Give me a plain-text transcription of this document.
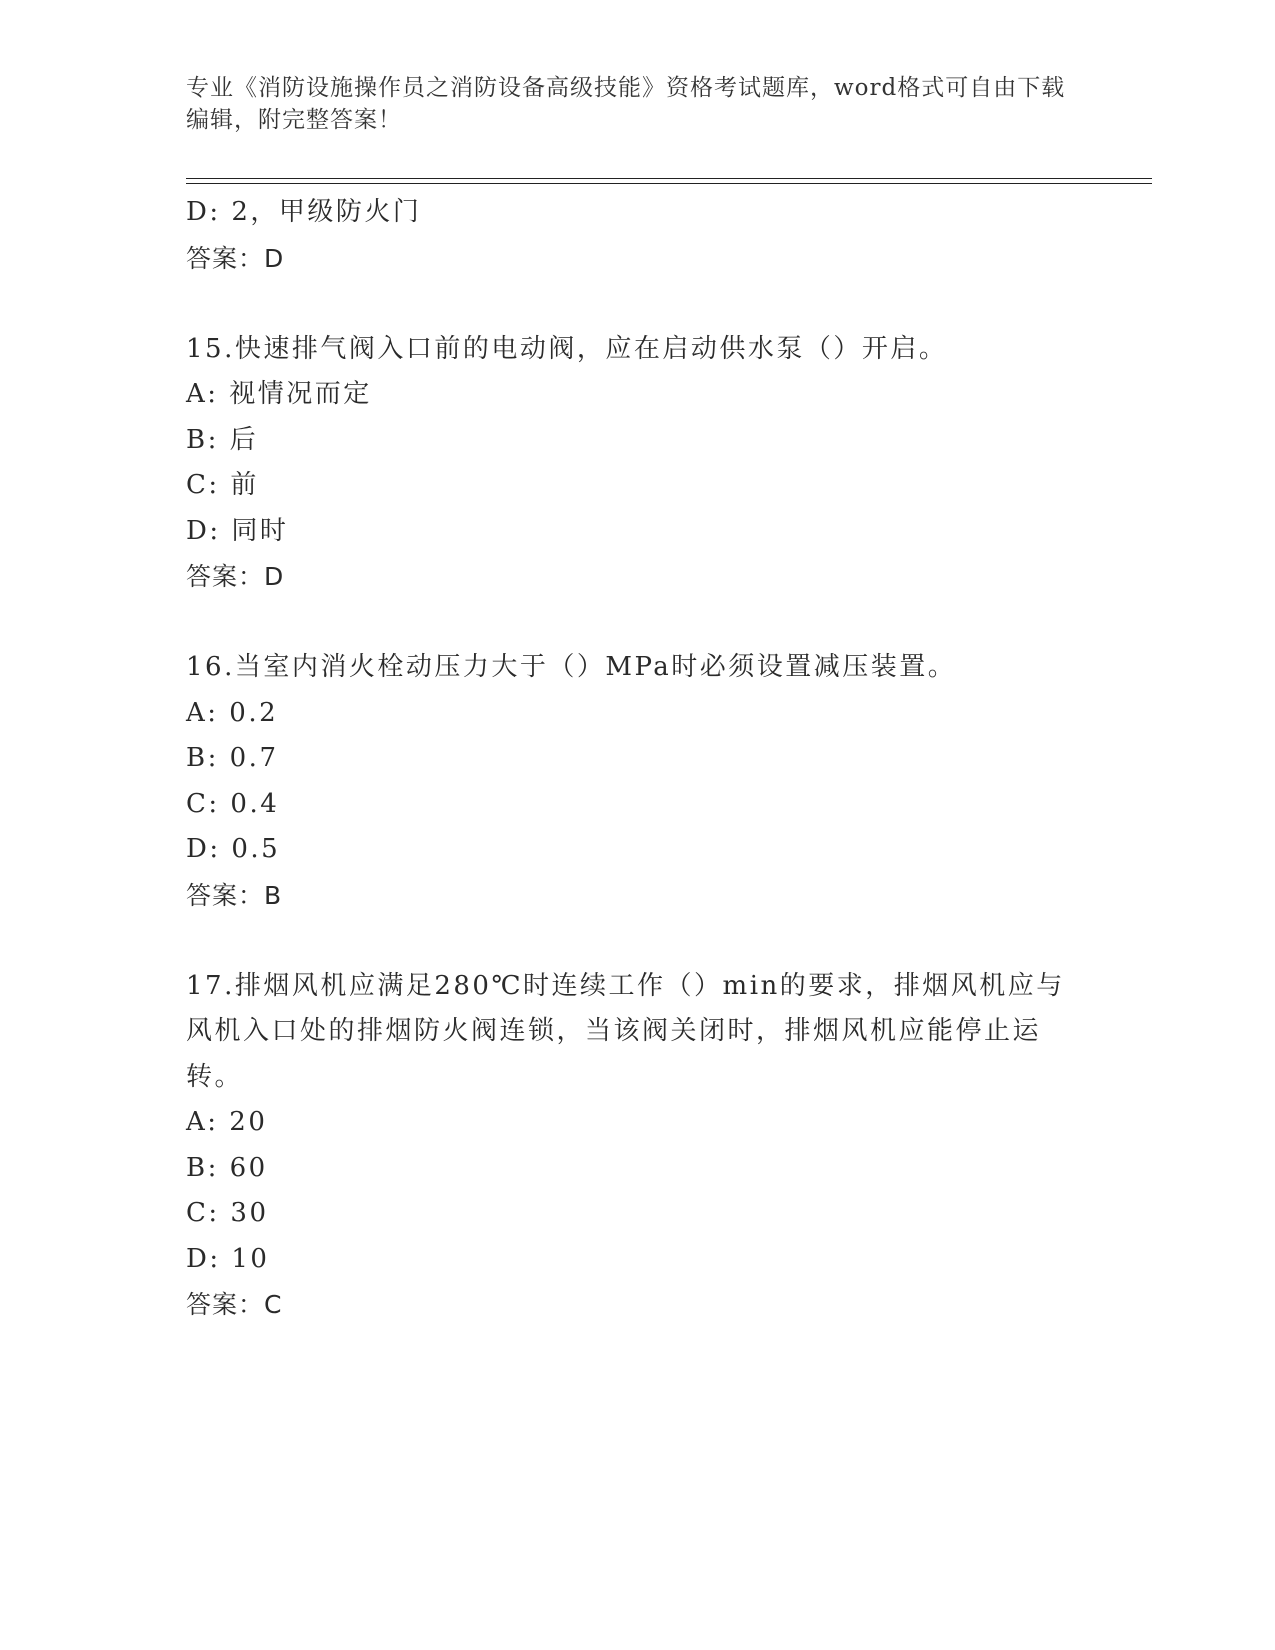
专业《消防设施操作员之消防设备高级技能》资格考试题库，word格式可自由下载编辑，附完整答案！
D: 2，甲级防火门
答案：D
15.快速排气阀入口前的电动阀，应在启动供水泵（）开启。
A: 视情况而定
B: 后
C: 前
D: 同时
答案：D
16.当室内消火栓动压力大于（）MPa时必须设置减压装置。
A: 0.2
B: 0.7
C: 0.4
D: 0.5
答案：B
17.排烟风机应满足280℃时连续工作（）min的要求，排烟风机应与风机入口处的排烟防火阀连锁，当该阀关闭时，排烟风机应能停止运转。
A: 20
B: 60
C: 30
D: 10
答案：C
